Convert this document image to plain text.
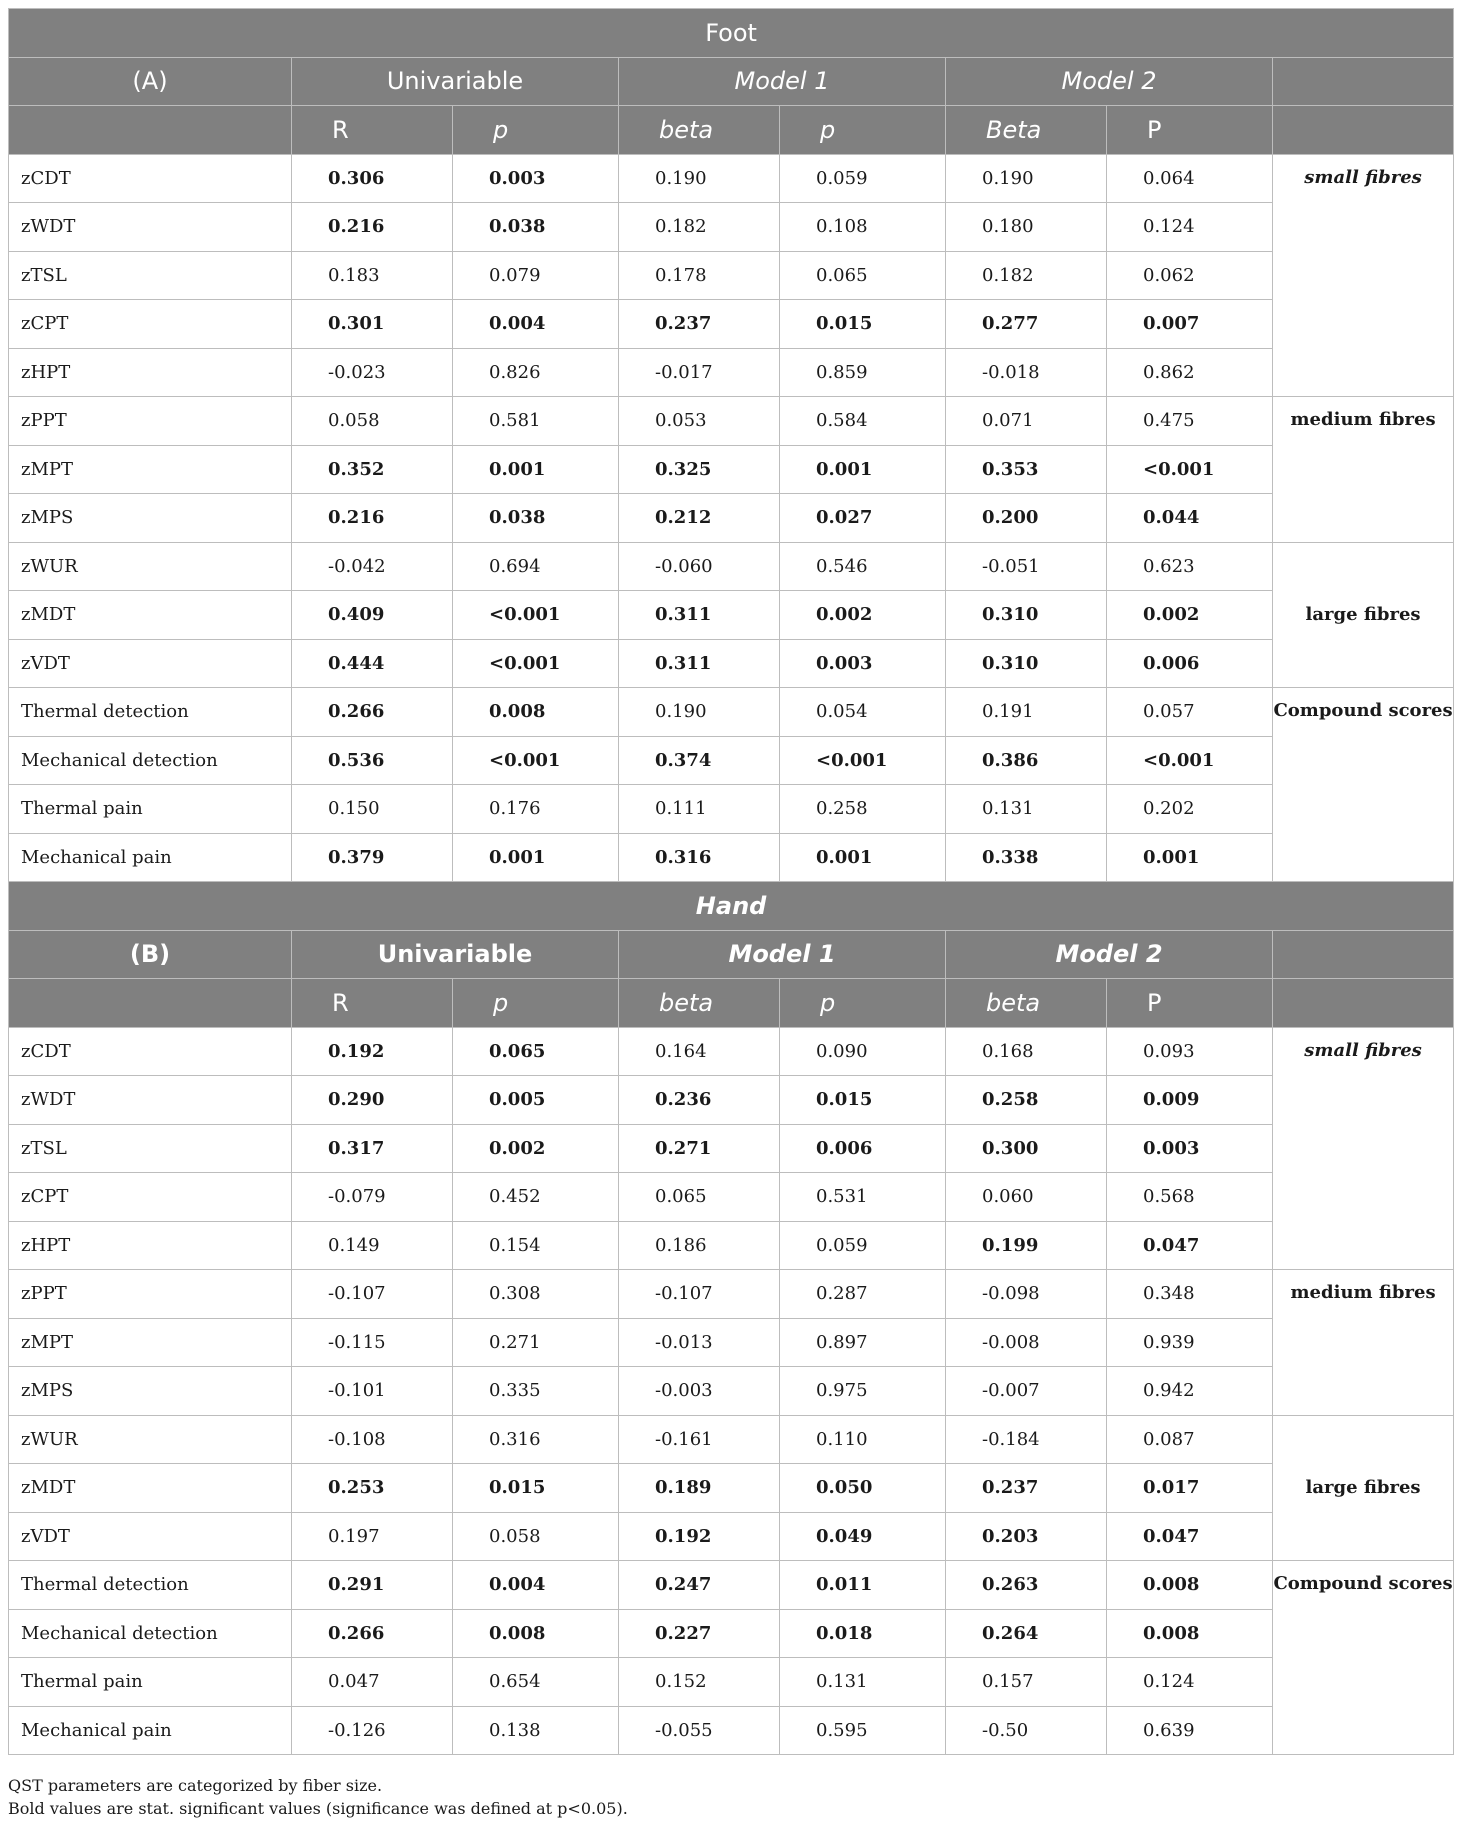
Foot							
(A)	Univariable		Model 1		Model 2		
	R	p	beta	p	Beta	P	
zCDT	0.306	0.003	0.190	0.059	0.190	0.064	small fibres
zWDT	0.216	0.038	0.182	0.108	0.180	0.124	
zTSL	0.183	0.079	0.178	0.065	0.182	0.062	
zCPT	0.301	0.004	0.237	0.015	0.277	0.007	
zHPT	-0.023	0.826	-0.017	0.859	-0.018	0.862	
zPPT	0.058	0.581	0.053	0.584	0.071	0.475	medium fibres
zMPT	0.352	0.001	0.325	0.001	0.353	<0.001	
zMPS	0.216	0.038	0.212	0.027	0.200	0.044	
zWUR	-0.042	0.694	-0.060	0.546	-0.051	0.623	large fibres
zMDT	0.409	<0.001	0.311	0.002	0.310	0.002	
zVDT	0.444	<0.001	0.311	0.003	0.310	0.006	
Thermal detection	0.266	0.008	0.190	0.054	0.191	0.057	Compound scores
Mechanical detection	0.536	<0.001	0.374	<0.001	0.386	<0.001	
Thermal pain	0.150	0.176	0.111	0.258	0.131	0.202	
Mechanical pain	0.379	0.001	0.316	0.001	0.338	0.001	
Hand							
(B)	Univariable		Model 1		Model 2		
	R	p	beta	p	beta	P	
zCDT	0.192	0.065	0.164	0.090	0.168	0.093	small fibres
zWDT	0.290	0.005	0.236	0.015	0.258	0.009	
zTSL	0.317	0.002	0.271	0.006	0.300	0.003	
zCPT	-0.079	0.452	0.065	0.531	0.060	0.568	
zHPT	0.149	0.154	0.186	0.059	0.199	0.047	
zPPT	-0.107	0.308	-0.107	0.287	-0.098	0.348	medium fibres
zMPT	-0.115	0.271	-0.013	0.897	-0.008	0.939	
zMPS	-0.101	0.335	-0.003	0.975	-0.007	0.942	
zWUR	-0.108	0.316	-0.161	0.110	-0.184	0.087	large fibres
zMDT	0.253	0.015	0.189	0.050	0.237	0.017	
zVDT	0.197	0.058	0.192	0.049	0.203	0.047	
Thermal detection	0.291	0.004	0.247	0.011	0.263	0.008	Compound scores
Mechanical detection	0.266	0.008	0.227	0.018	0.264	0.008	
Thermal pain	0.047	0.654	0.152	0.131	0.157	0.124	
Mechanical pain	-0.126	0.138	-0.055	0.595	-0.50	0.639	
QST parameters are categorized by fiber size.
Bold values are stat. significant values (significance was defined at p<0.05).
